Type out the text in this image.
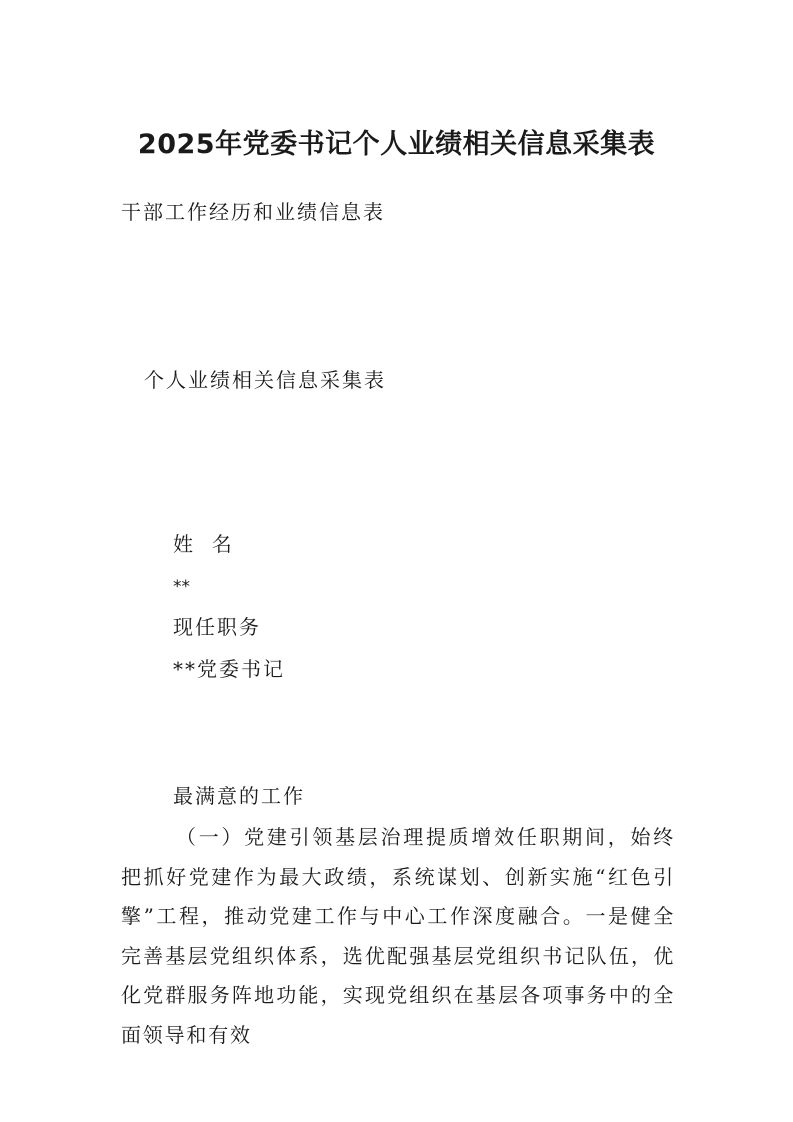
2025年党委书记个人业绩相关信息采集表
干部工作经历和业绩信息表
个人业绩相关信息采集表
姓  名
**
现任职务
**党委书记
最满意的工作

（一）党建引领基层治理提质增效任职期间，始终把抓好党建作为最大政绩，系统谋划、创新实施“红色引擎”工程，推动党建工作与中心工作深度融合。一是健全完善基层党组织体系，选优配强基层党组织书记队伍，优化党群服务阵地功能，实现党组织在基层各项事务中的全面领导和有效
